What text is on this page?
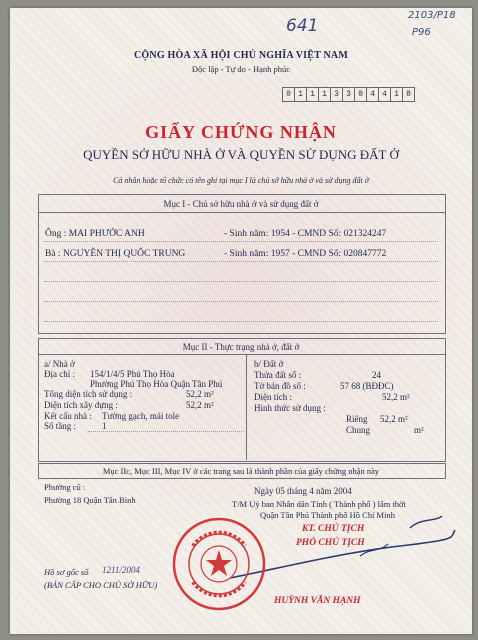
641
2103/P18
P96
CỘNG HÒA XÃ HỘI CHỦ NGHĨA VIỆT NAM
Độc lập - Tự do - Hạnh phúc
0 1 1 1 3 3 0 4 4 1 8
GIẤY CHỨNG NHẬN
QUYỀN SỞ HỮU NHÀ Ở VÀ QUYỀN SỬ DỤNG ĐẤT Ở
Cá nhân hoặc tổ chức có tên ghi tại mục I là chủ sở hữu nhà ở và sử dụng đất ở
Mục I - Chủ sở hữu nhà ở và sử dụng đất ở
Ông : MAI PHƯỚC ANH	- Sinh năm: 1954 - CMND Số: 021324247
Bà : NGUYỄN THỊ QUỐC TRUNG	- Sinh năm: 1957 - CMND Số: 020847772
Mục II - Thực trạng nhà ở, đất ở
a/ Nhà ở
Địa chỉ : 154/1/4/5 Phú Thọ Hòa
Phường Phú Thọ Hòa Quận Tân Phú
Tổng diện tích sử dụng :	52,2 m²
Diện tích xây dựng :	52,2 m²
Kết cấu nhà : Tường gạch, mái tole
Số tầng :	1
b/ Đất ở
Thửa đất số :	24
Tờ bản đồ số :	57 68 (BĐĐC)
Diện tích :	52,2 m²
Hình thức sử dụng :
Riêng 52,2 m²
Chung	m²
Mục IIc, Mục III, Mục IV ở các trang sau là thành phần của giấy chứng nhận này
Phường cũ :
Phường 18 Quận Tân Bình
Ngày 05 tháng 4 năm 2004
T/M Uỷ ban Nhân dân Tỉnh ( Thành phố ) lâm thời
Quận Tân Phú Thành phố Hồ Chí Minh
KT. CHỦ TỊCH
PHÓ CHỦ TỊCH
HUỲNH VĂN HẠNH
Hồ sơ gốc số 1211/2004
(BẢN CẤP CHO CHỦ SỞ HỮU)
